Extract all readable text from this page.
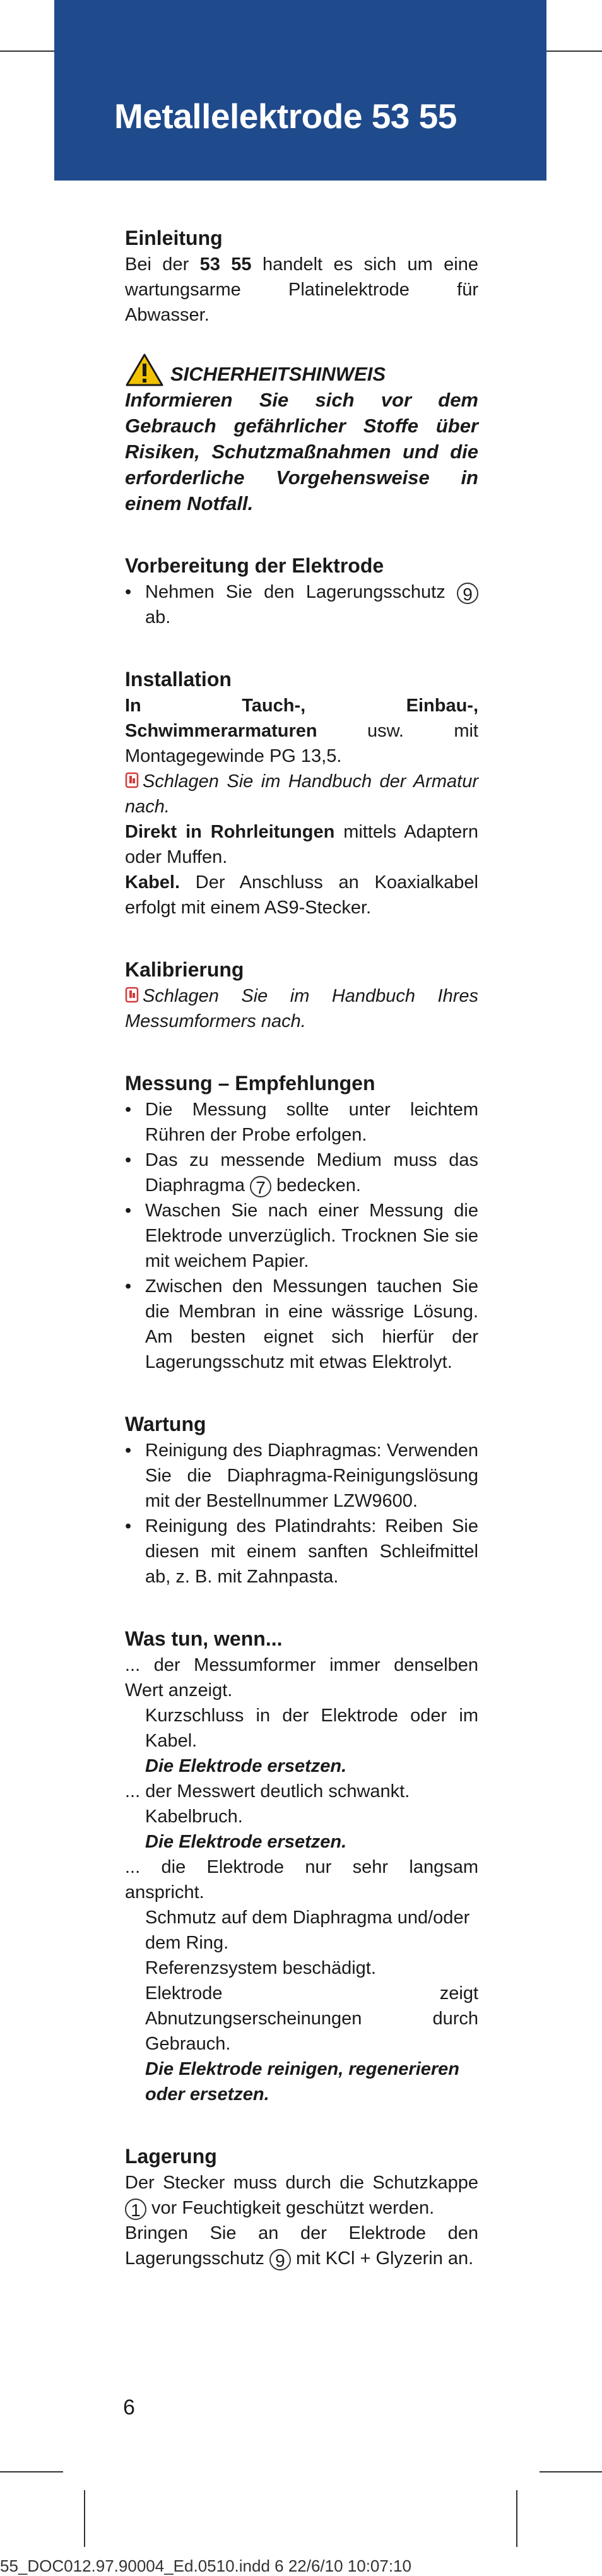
Metallelektrode 53 55
Einleitung

Bei der 53 55 handelt es sich um eine wartungsarme Platinelektrode für Abwasser.

SICHERHEITSHINWEIS

Informieren Sie sich vor dem Gebrauch gefährlicher Stoffe über Risiken, Schutzmaßnahmen und die erforderliche Vorgehensweise in einem Notfall.

Vorbereitung der Elektrode
• Nehmen Sie den Lagerungsschutz 9 ab.
Installation

In Tauch-, Einbau-, Schwimmerarmaturen usw. mit Montagegewinde PG 13,5.

Schlagen Sie im Handbuch der Armatur nach.

Direkt in Rohrleitungen mittels Adaptern oder Muffen.

Kabel. Der Anschluss an Koaxialkabel erfolgt mit einem AS9-Stecker.

Kalibrierung

Schlagen Sie im Handbuch Ihres Messumformers nach.

Messung – Empfehlungen
• Die Messung sollte unter leichtem Rühren der Probe erfolgen.
• Das zu messende Medium muss das Diaphragma 7 bedecken.
• Waschen Sie nach einer Messung die Elektrode unverzüglich. Trocknen Sie sie mit weichem Papier.
• Zwischen den Messungen tauchen Sie die Membran in eine wässrige Lösung. Am besten eignet sich hierfür der Lagerungsschutz mit etwas Elektrolyt.
Wartung
• Reinigung des Diaphragmas: Verwenden Sie die Diaphragma-Reinigungslösung mit der Bestellnummer LZW9600.
• Reinigung des Platindrahts: Reiben Sie diesen mit einem sanften Schleifmittel ab, z. B. mit Zahnpasta.
Was tun, wenn...

... der Messumformer immer denselben Wert anzeigt.

Kurzschluss in der Elektrode oder im Kabel.

Die Elektrode ersetzen.

... der Messwert deutlich schwankt.

Kabelbruch.

Die Elektrode ersetzen.

... die Elektrode nur sehr langsam anspricht.

Schmutz auf dem Diaphragma und/oder dem Ring.

Referenzsystem beschädigt.

Elektrode zeigt Abnutzungserscheinungen durch Gebrauch.

Die Elektrode reinigen, regenerieren oder ersetzen.

Lagerung

Der Stecker muss durch die Schutzkappe 1 vor Feuchtigkeit geschützt werden.

Bringen Sie an der Elektrode den Lagerungsschutz 9 mit KCl + Glyzerin an.

6
55_DOC012.97.90004_Ed.0510.indd 6 22/6/10 10:07:10
